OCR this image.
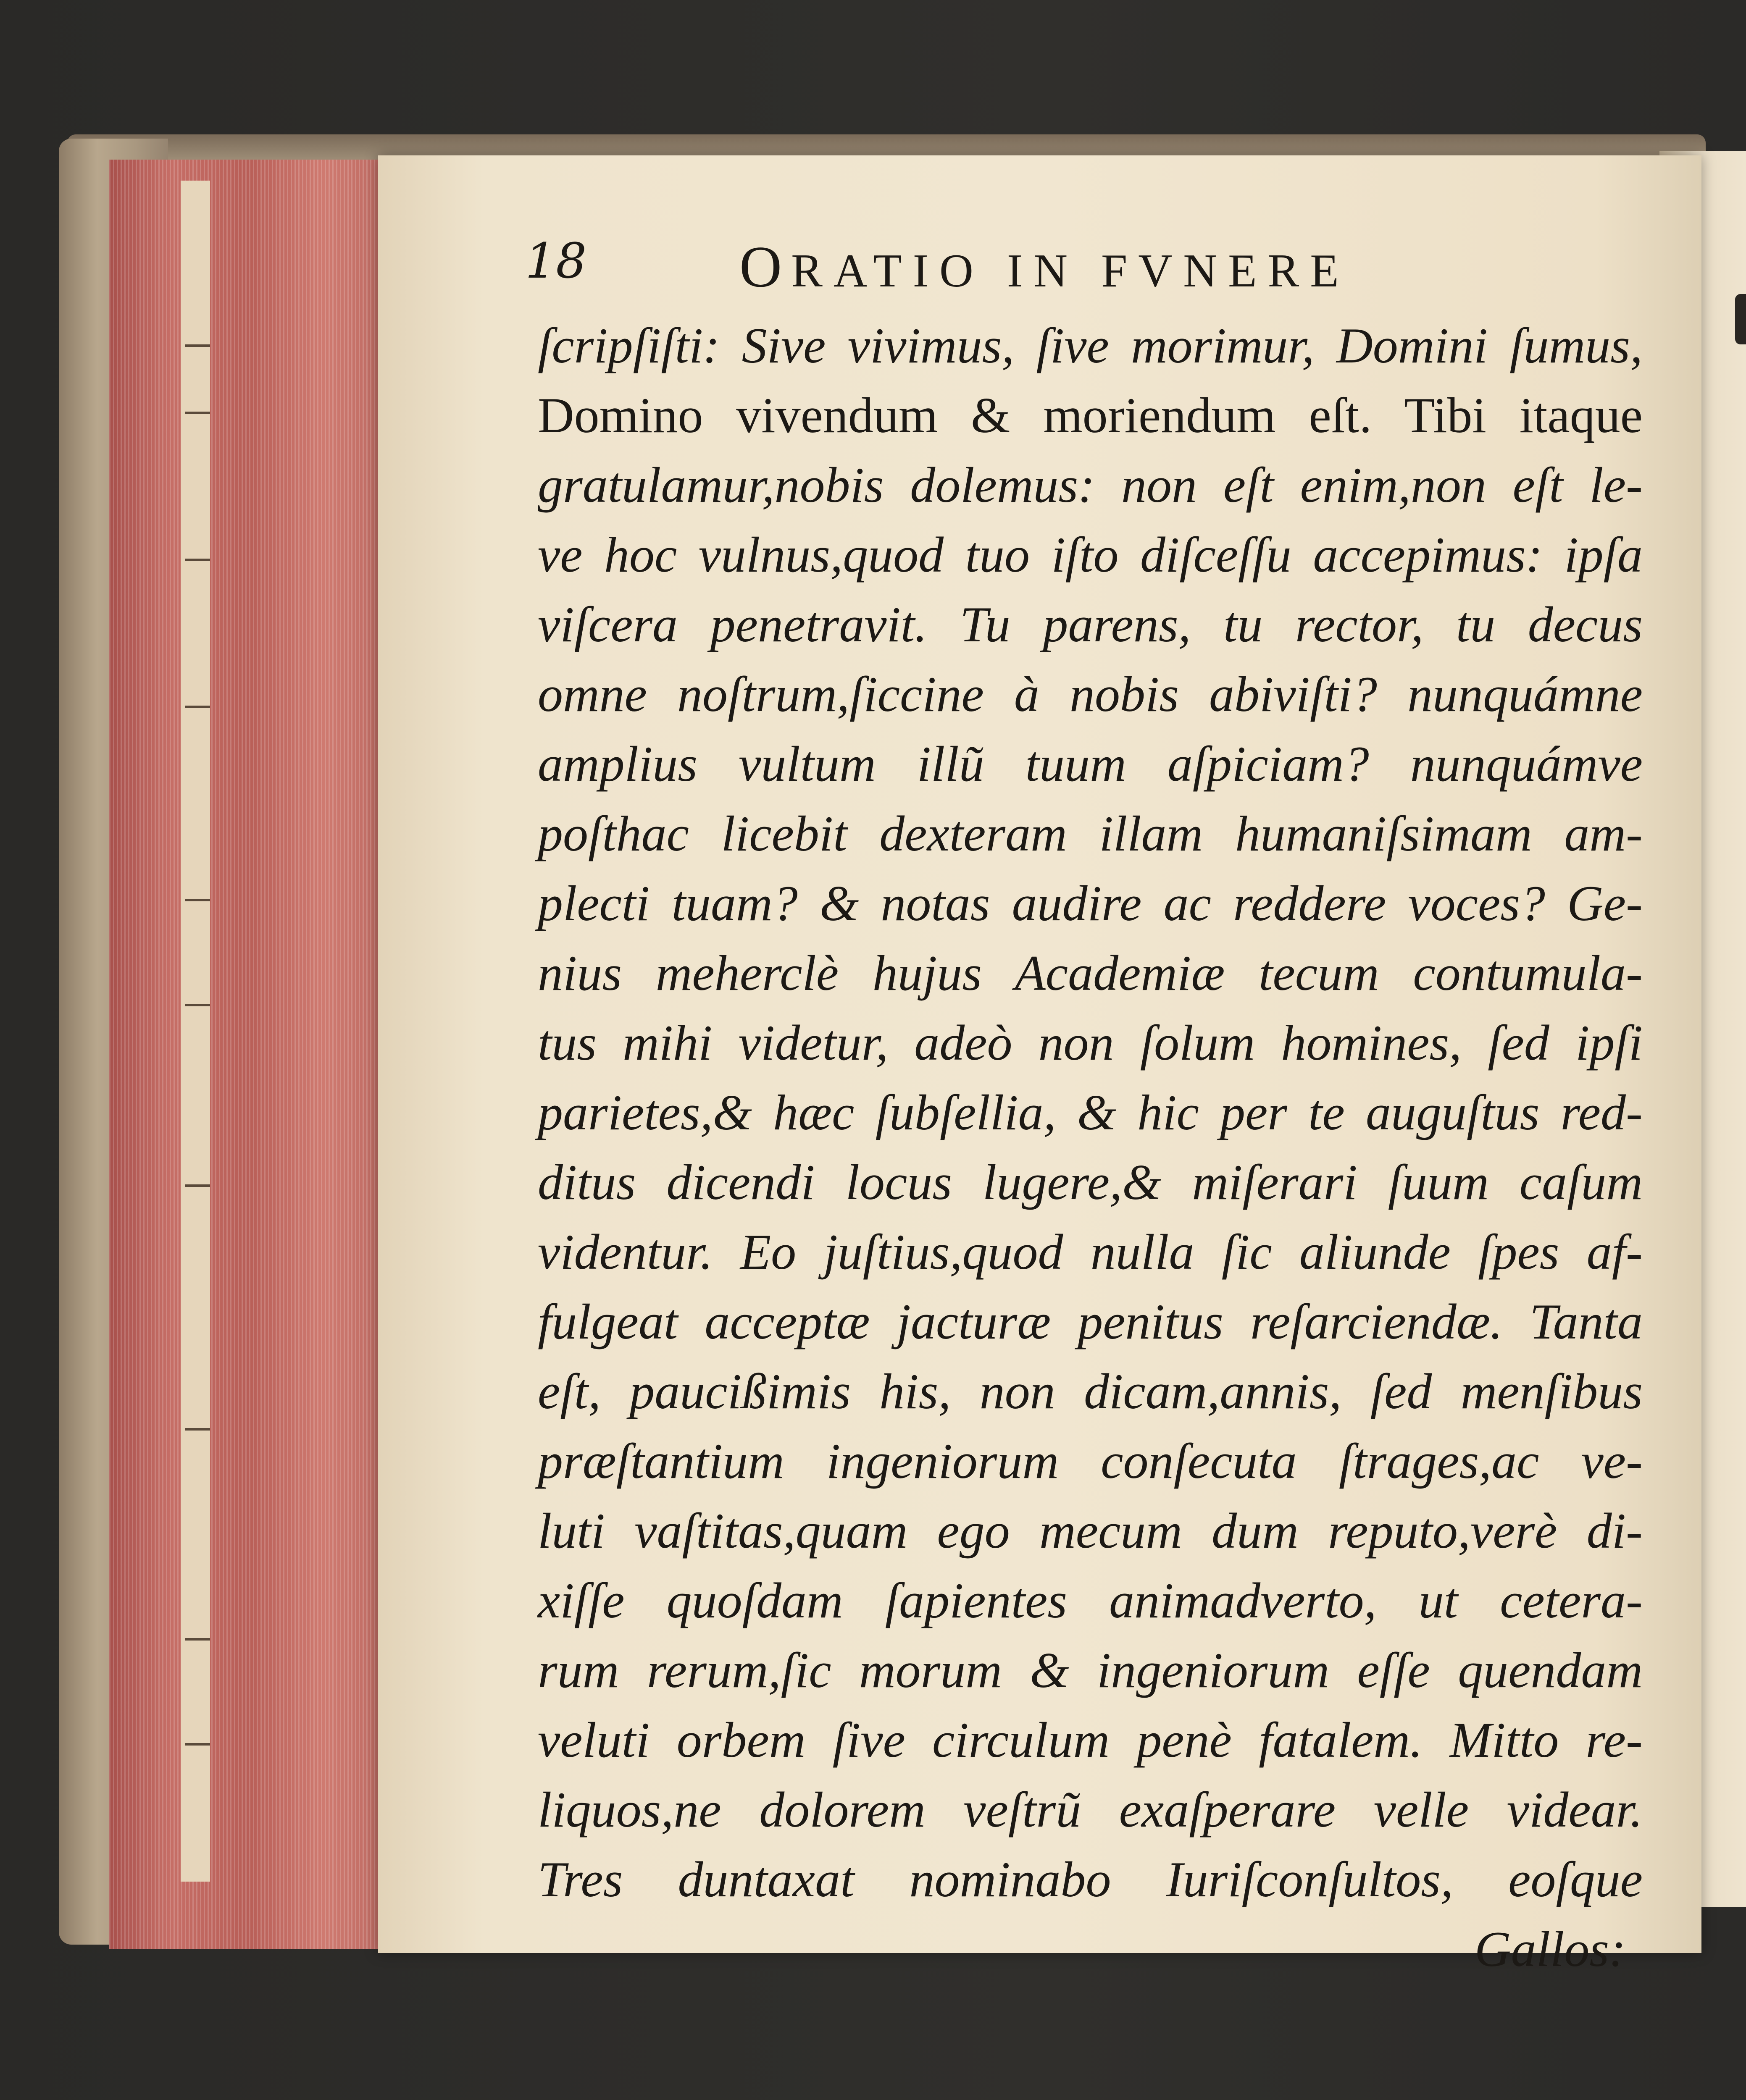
18	ORATIO IN FVNERE
ſcripſiſti: Sive vivimus, ſive morimur, Domini ſumus,
Domino vivendum & moriendum eſt. Tibi itaque
gratulamur,nobis dolemus: non eſt enim,non eſt le-
ve hoc vulnus,quod tuo iſto diſceſſu accepimus: ipſa
viſcera penetravit. Tu parens, tu rector, tu decus
omne noſtrum,ſiccine à nobis abiviſti? nunquámne
amplius vultum illũ tuum aſpiciam? nunquámve
poſthac licebit dexteram illam humaniſsimam am-
plecti tuam? & notas audire ac reddere voces? Ge-
nius meherclè hujus Academiæ tecum contumula-
tus mihi videtur, adeò non ſolum homines, ſed ipſi
parietes,& hæc ſubſellia, & hic per te auguſtus red-
ditus dicendi locus lugere,& miſerari ſuum caſum
videntur. Eo juſtius,quod nulla ſic aliunde ſpes af-
fulgeat acceptæ jacturæ penitus reſarciendæ. Tanta
eſt, paucißimis his, non dicam,annis, ſed menſibus
præſtantium ingeniorum conſecuta ſtrages,ac ve-
luti vaſtitas,quam ego mecum dum reputo,verè di-
xiſſe quoſdam ſapientes animadverto, ut cetera-
rum rerum,ſic morum & ingeniorum eſſe quendam
veluti orbem ſive circulum penè fatalem. Mitto re-
liquos,ne dolorem veſtrũ exaſperare velle videar.
Tres duntaxat nominabo Iuriſconſultos, eoſque
Gallos:
